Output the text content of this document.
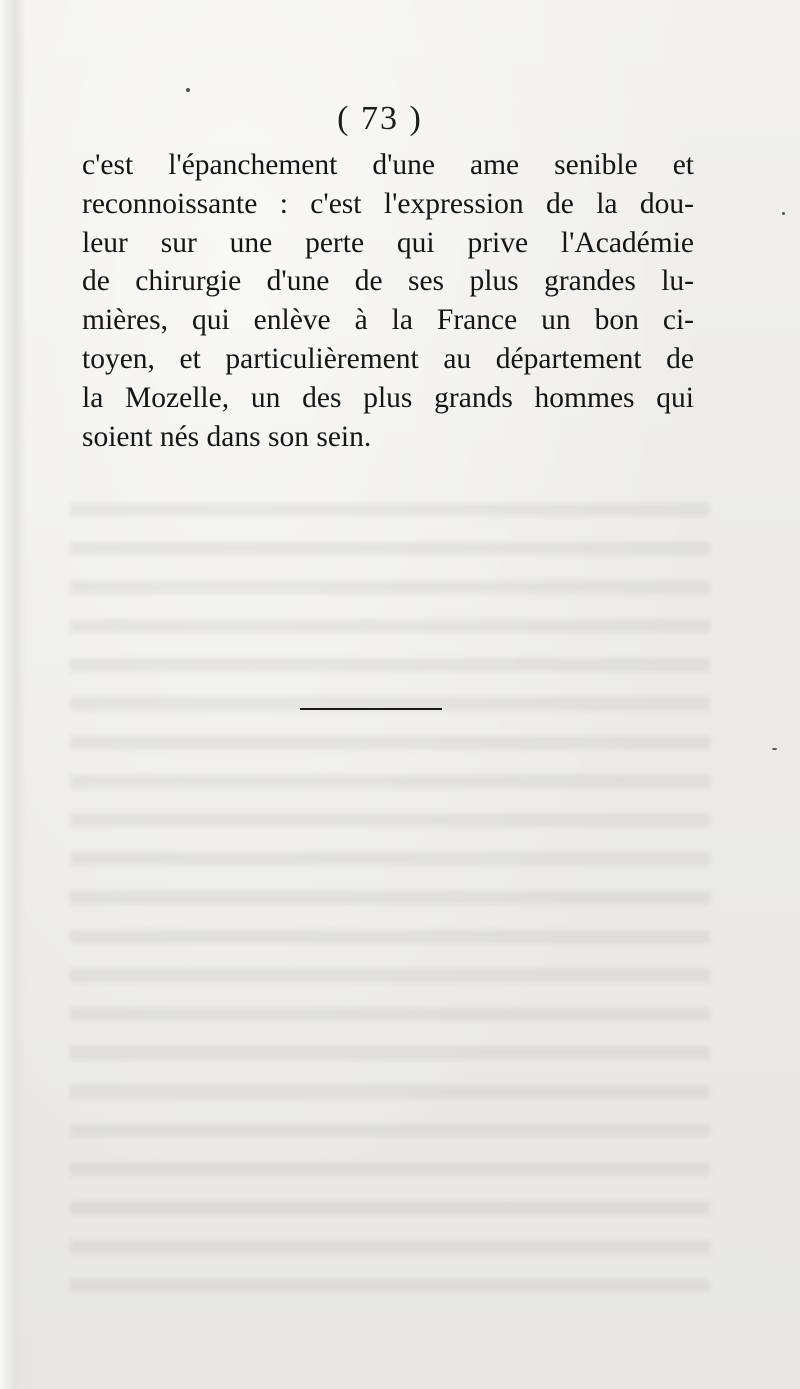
( 73 )
c'est l'épanchement d'une ame senible et
reconnoissante : c'est l'expression de la dou-
leur sur une perte qui prive l'Académie
de chirurgie d'une de ses plus grandes lu-
mières, qui enlève à la France un bon ci-
toyen, et particulièrement au département de
la Mozelle, un des plus grands hommes qui
soient nés dans son sein.
